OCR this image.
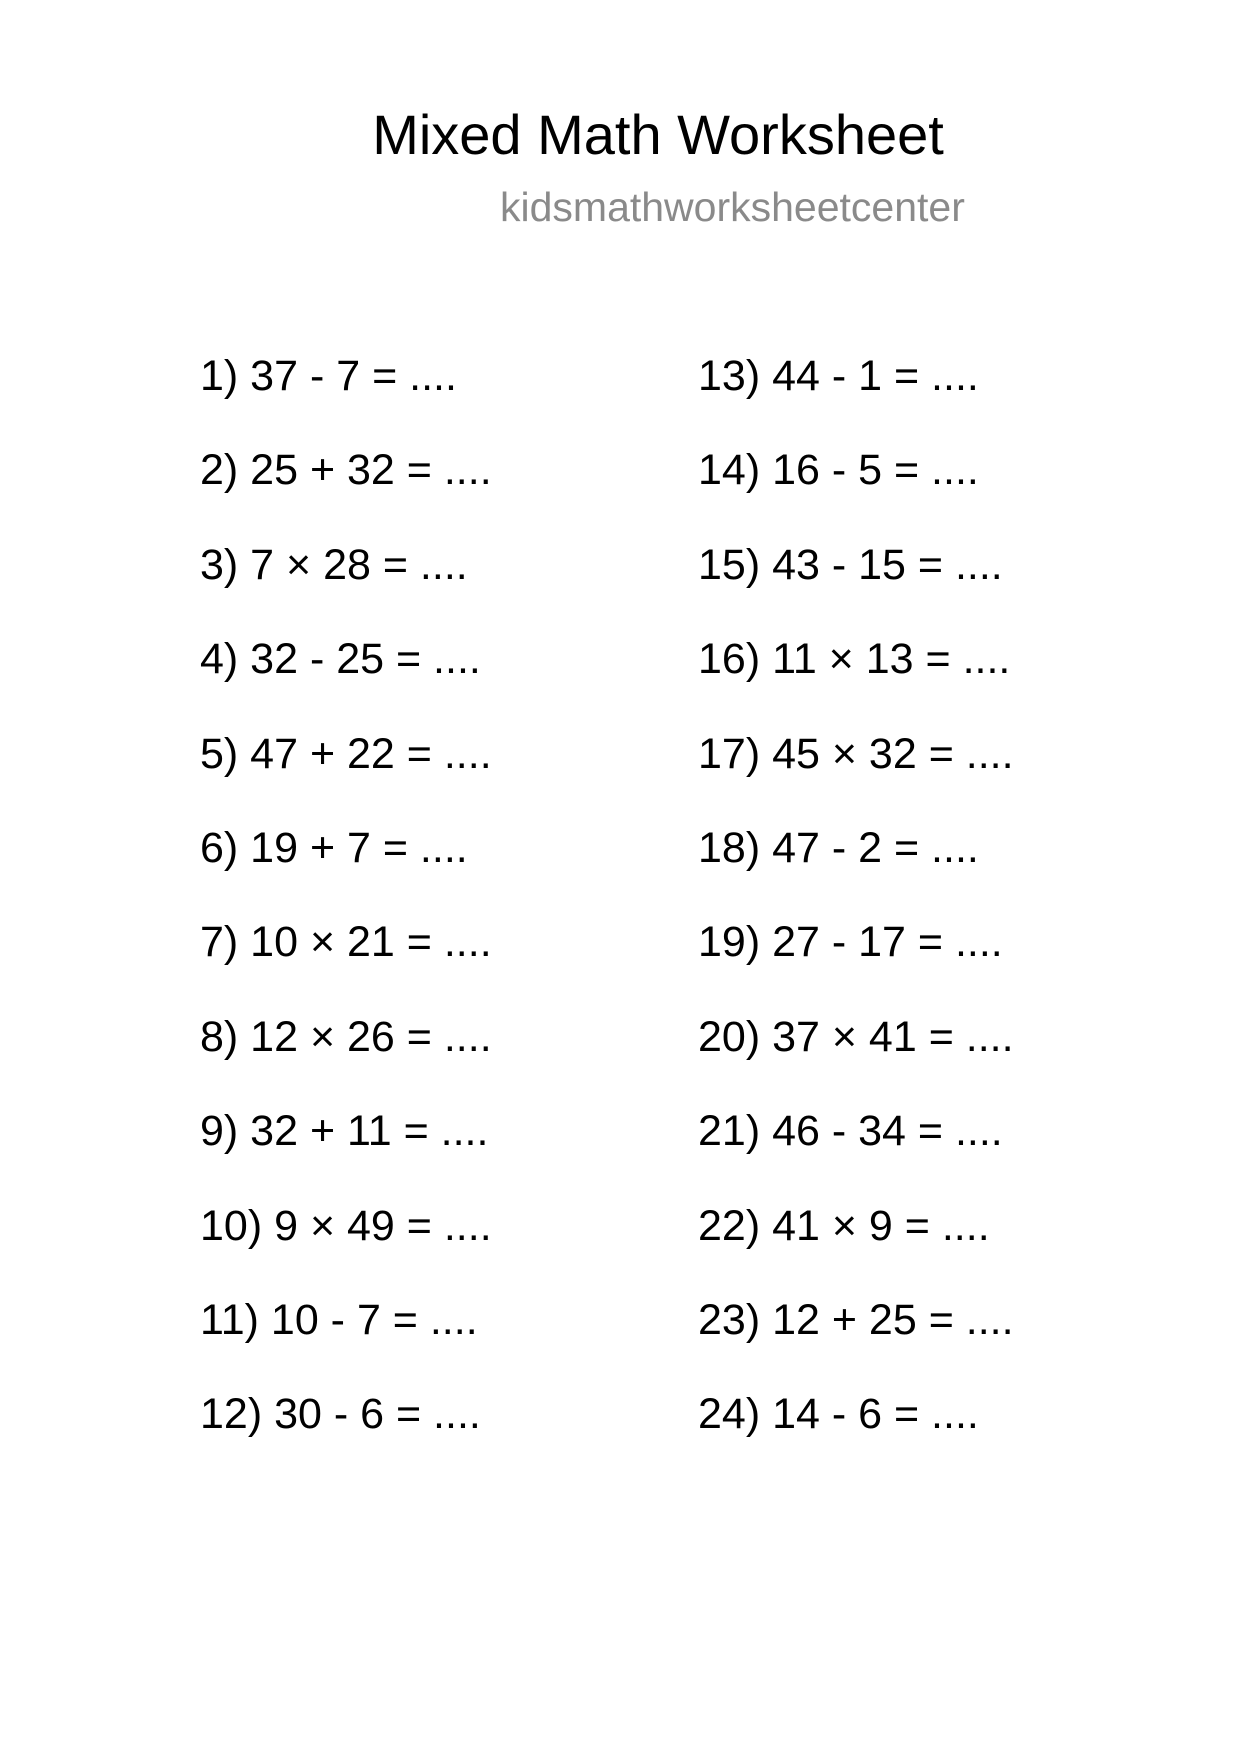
Mixed Math Worksheet
kidsmathworksheetcenter
1) 37 - 7 = ....
2) 25 + 32 = ....
3) 7 × 28 = ....
4) 32 - 25 = ....
5) 47 + 22 = ....
6) 19 + 7 = ....
7) 10 × 21 = ....
8) 12 × 26 = ....
9) 32 + 11 = ....
10) 9 × 49 = ....
11) 10 - 7 = ....
12) 30 - 6 = ....
13) 44 - 1 = ....
14) 16 - 5 = ....
15) 43 - 15 = ....
16) 11 × 13 = ....
17) 45 × 32 = ....
18) 47 - 2 = ....
19) 27 - 17 = ....
20) 37 × 41 = ....
21) 46 - 34 = ....
22) 41 × 9 = ....
23) 12 + 25 = ....
24) 14 - 6 = ....
